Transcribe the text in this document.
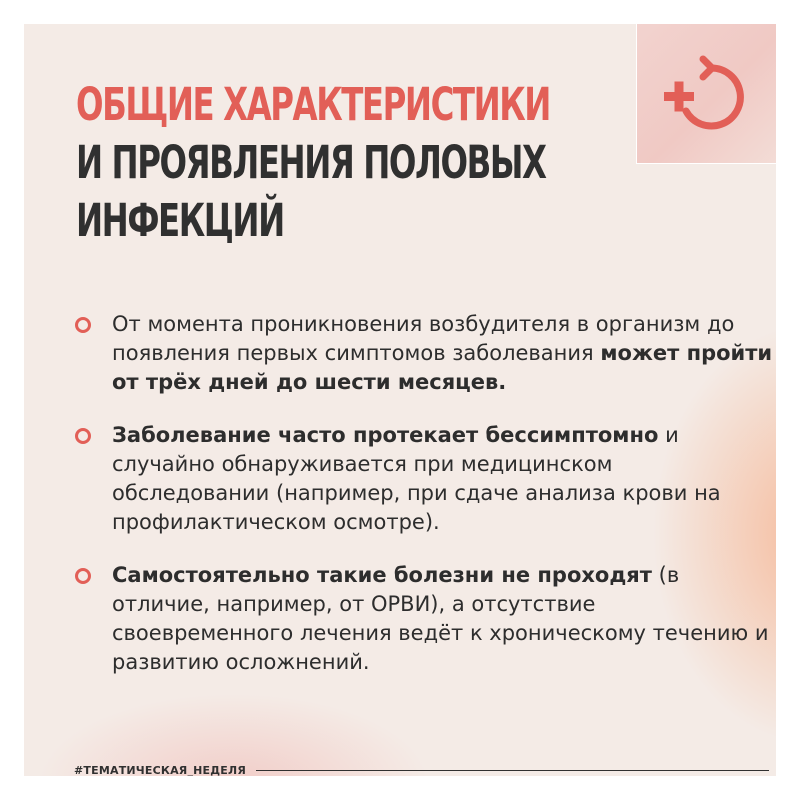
ОБЩИЕ ХАРАКТЕРИСТИКИ
И ПРОЯВЛЕНИЯ ПОЛОВЫХ
ИНФЕКЦИЙ
От момента проникновения возбудителя в организм до появления первых симптомов заболевания может пройти от трёх дней до шести месяцев.
Заболевание часто протекает бессимптомно и случайно обнаруживается при медицинском обследовании (например, при сдаче анализа крови на профилактическом осмотре).
Самостоятельно такие болезни не проходят (в отличие, например, от ОРВИ), а отсутствие своевременного лечения ведёт к хроническому течению и развитию осложнений.
#ТЕМАТИЧЕСКАЯ_НЕДЕЛЯ
